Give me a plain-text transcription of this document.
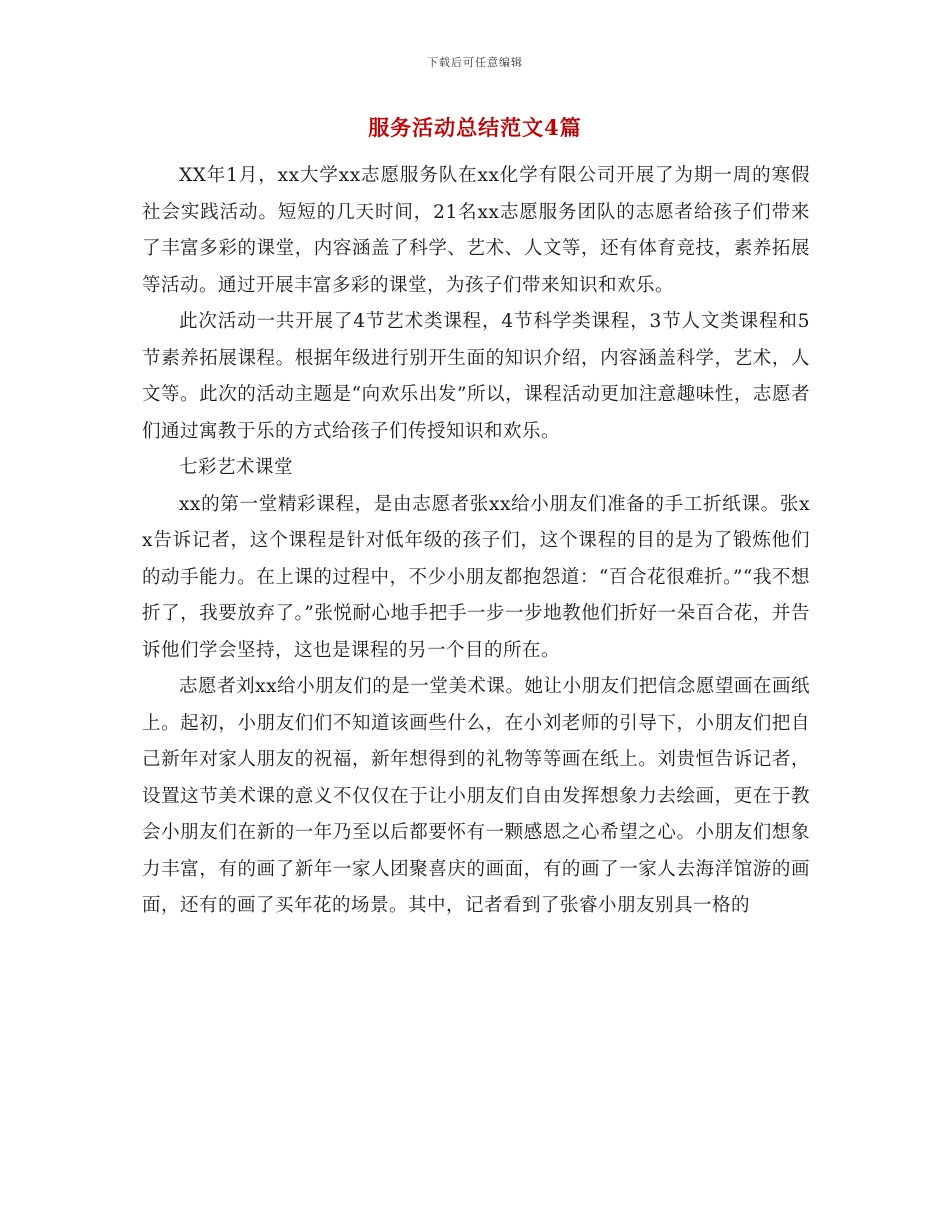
下载后可任意编辑
服务活动总结范文4篇

XX年1月，xx大学xx志愿服务队在xx化学有限公司开展了为期一周的寒假社会实践活动。短短的几天时间，21名xx志愿服务团队的志愿者给孩子们带来了丰富多彩的课堂，内容涵盖了科学、艺术、人文等，还有体育竞技，素养拓展等活动。通过开展丰富多彩的课堂，为孩子们带来知识和欢乐。

此次活动一共开展了4节艺术类课程，4节科学类课程，3节人文类课程和5节素养拓展课程。根据年级进行别开生面的知识介绍，内容涵盖科学，艺术，人文等。此次的活动主题是“向欢乐出发”所以，课程活动更加注意趣味性，志愿者们通过寓教于乐的方式给孩子们传授知识和欢乐。

七彩艺术课堂

xx的第一堂精彩课程，是由志愿者张xx给小朋友们准备的手工折纸课。张xx告诉记者，这个课程是针对低年级的孩子们，这个课程的目的是为了锻炼他们的动手能力。在上课的过程中，不少小朋友都抱怨道：“百合花很难折。”“我不想折了，我要放弃了。”张悦耐心地手把手一步一步地教他们折好一朵百合花，并告诉他们学会坚持，这也是课程的另一个目的所在。

志愿者刘xx给小朋友们的是一堂美术课。她让小朋友们把信念愿望画在画纸上。起初，小朋友们们不知道该画些什么，在小刘老师的引导下，小朋友们把自己新年对家人朋友的祝福，新年想得到的礼物等等画在纸上。刘贵恒告诉记者，设置这节美术课的意义不仅仅在于让小朋友们自由发挥想象力去绘画，更在于教会小朋友们在新的一年乃至以后都要怀有一颗感恩之心希望之心。小朋友们想象力丰富，有的画了新年一家人团聚喜庆的画面，有的画了一家人去海洋馆游的画面，还有的画了买年花的场景。其中，记者看到了张睿小朋友别具一格的
